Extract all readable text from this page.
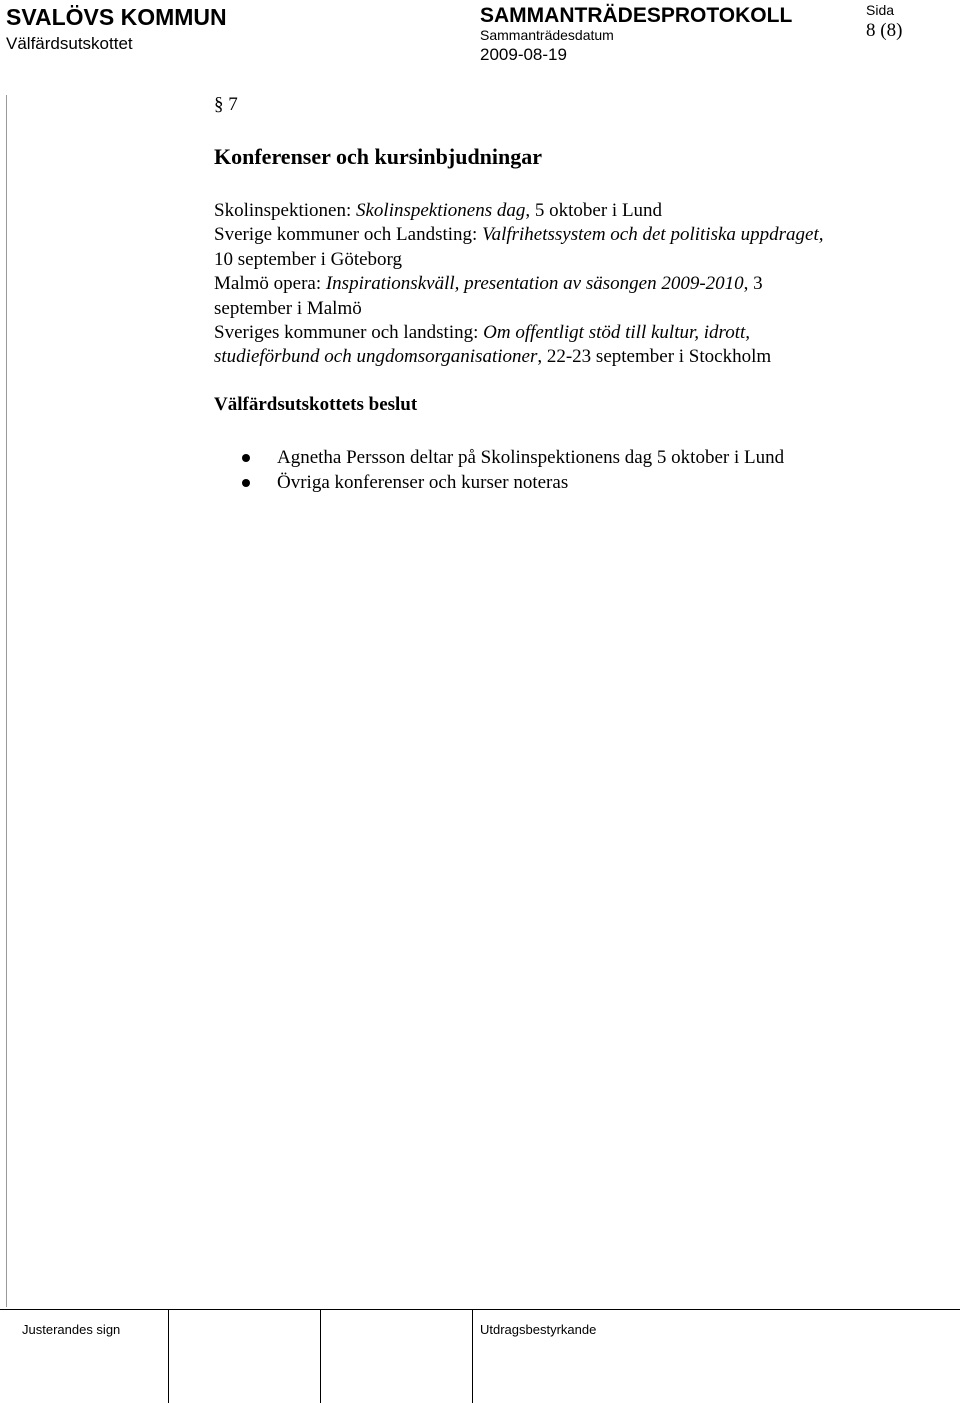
SVALÖVS KOMMUN
Välfärdsutskottet
SAMMANTRÄDESPROTOKOLL
Sammanträdesdatum
2009-08-19
Sida
8 (8)
§ 7
Konferenser och kursinbjudningar
Skolinspektionen: Skolinspektionens dag, 5 oktober i Lund
Sverige kommuner och Landsting: Valfrihetssystem och det politiska uppdraget,
10 september i Göteborg
Malmö opera: Inspirationskväll, presentation av säsongen 2009-2010, 3
september i Malmö
Sveriges kommuner och landsting: Om offentligt stöd till kultur, idrott,
studieförbund och ungdomsorganisationer, 22-23 september i Stockholm
Välfärdsutskottets beslut
Agnetha Persson deltar på Skolinspektionens dag 5 oktober i Lund
Övriga konferenser och kurser noteras
Justerandes sign	Utdragsbestyrkande
